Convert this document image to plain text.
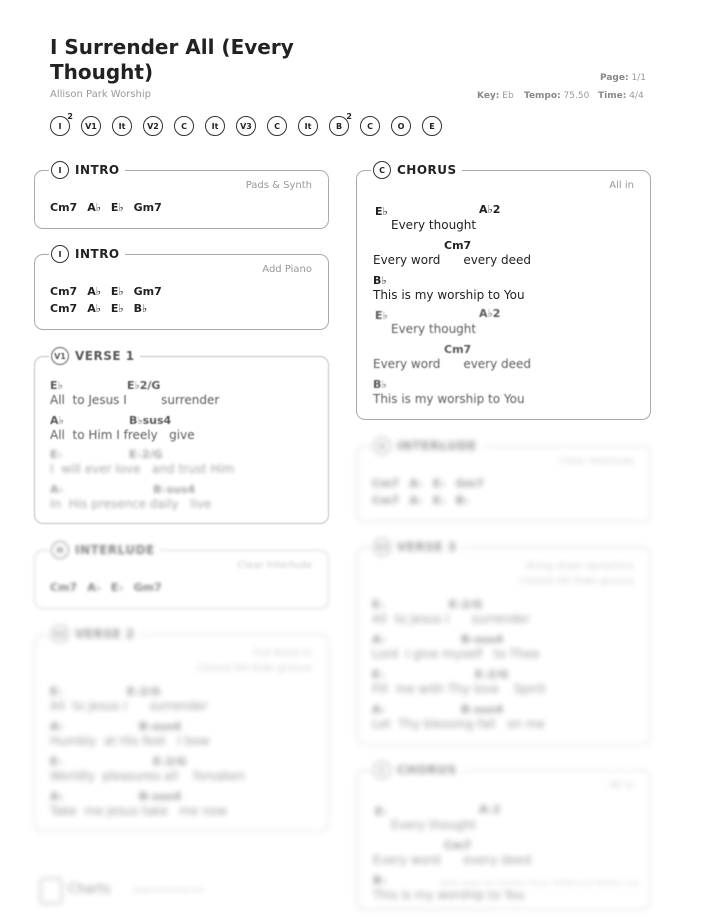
I Surrender All (Every Thought)
Allison Park Worship
Page: 1/1
Key: Eb Tempo: 75.50 Time: 4/4
I
2
V1	It	V2	C	It	V3	C	It	B
2
C	O	E
I	INTRO
Pads & Synth
Cm7 A♭ E♭ Gm7
I	INTRO
Add Piano
Cm7 A♭ E♭ Gm7
Cm7 A♭ E♭ B♭
V1 VERSE 1
E♭	E♭2/G
All to Jesus I	surrender
A♭	B♭sus4
All to Him I freely give
E♭	E♭2/G
I will ever love and trust Him
A♭	B♭sus4
In His presence daily live
It INTERLUDE
Clear Interlude
Cm7 A♭ E♭ Gm7
V2 VERSE 2
Full Band In
Closed HH Ride groove
E♭	E♭2/G
All to Jesus I surrender
A♭	B♭sus4
Humbly at His feet I bow
E♭	E♭2/G
Worldly pleasures all forsaken
A♭	B♭sus4
Take me Jesus take me now
C	CHORUS
All in
E♭	A♭2
Every thought
Cm7
Every word every deed
B♭
This is my worship to You
E♭	A♭2
Every thought
Cm7
Every word every deed
B♭
This is my worship to You
It INTERLUDE
Clear Interlude
Cm7 A♭ E♭ Gm7
Cm7 A♭ E♭ B♭
V3 VERSE 3
Bring down dynamics
Closed HH Ride groove
E♭	E♭2/G
All to Jesus I surrender
A♭	B♭sus4
Lord I give myself to Thee
E♭	E♭2/G
Fill me with Thy love Spirit
A♭	B♭sus4
Let Thy blessing fall on me
C	CHORUS
All in
E♭	A♭2
Every thought
Cm7
Every word every deed
B♭
This is my worship to You
Charts	Loopcommunity.com
Words: Judson Van DeVenter | Music: Winfield Scott Weeden | CCLI
